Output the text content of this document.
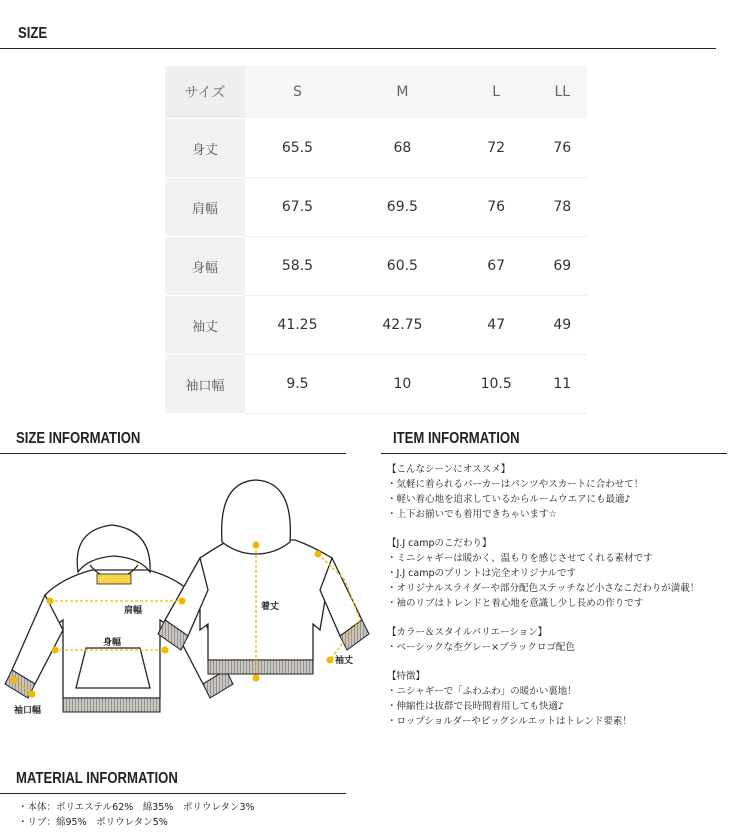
SIZE
サイズ	S	M	L	LL
身丈	65.5	68	72	76
肩幅	67.5	69.5	76	78
身幅	58.5	60.5	67	69
袖丈	41.25	42.75	47	49
袖口幅	9.5	10	10.5	11
SIZE INFORMATION
肩幅
身幅
袖口幅
着丈
袖丈
ITEM INFORMATION
【こんなシーンにオススメ】
・気軽に着られるパーカーはパンツやスカートに合わせて！
・軽い着心地を追求しているからルームウエアにも最適♪
・上下お揃いでも着用できちゃいます☆
【J.J campのこだわり】
・ミニシャギーは暖かく、温もりを感じさせてくれる素材です
・J.J campのプリントは完全オリジナルです
・オリジナルスライダーや部分配色ステッチなど小さなこだわりが満載！
・袖のリブはトレンドと着心地を意識し少し長めの作りです
【カラー＆スタイルバリエーション】
・ベーシックな杢グレー×ブラックロゴ配色
【特徴】
・ニシャギーで「ふわふわ」の暖かい裏地！
・伸縮性は抜群で長時間着用しても快適♪
・ロップショルダーやビッグシルエットはトレンド要素！
MATERIAL INFORMATION
・本体：ポリエステル62%　綿35%　ポリウレタン3%
・リブ：綿95%　ポリウレタン5%
